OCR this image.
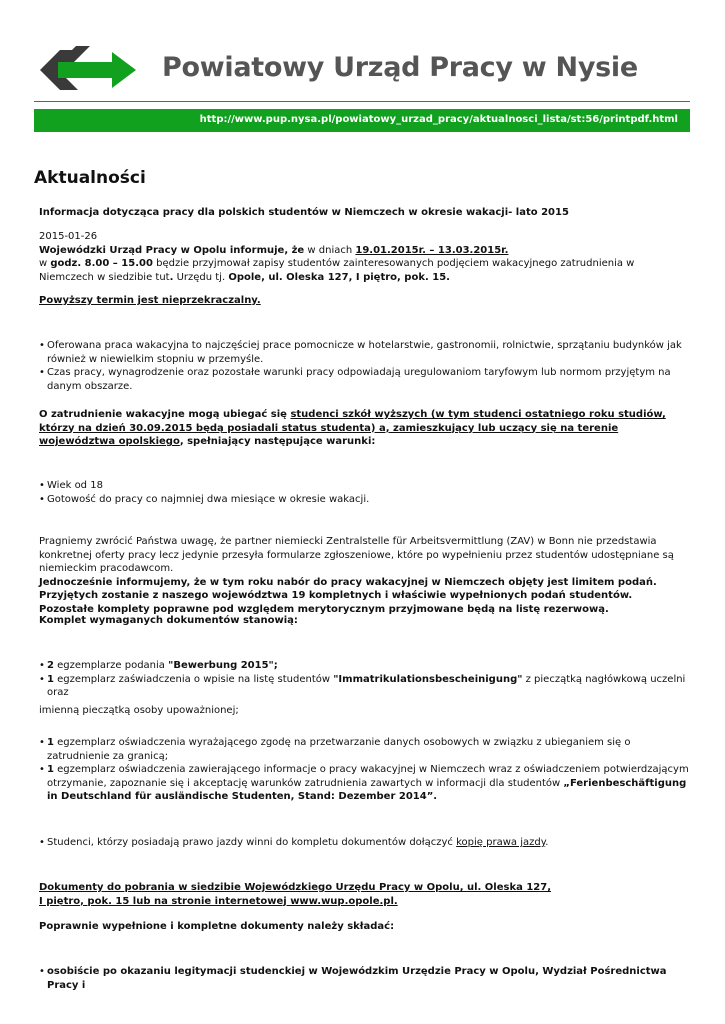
Powiatowy Urząd Pracy w Nysie
http://www.pup.nysa.pl/powiatowy_urzad_pracy/aktualnosci_lista/st:56/printpdf.html
Aktualności

Informacja dotycząca pracy dla polskich studentów w Niemczech w okresie wakacji- lato 2015

2015-01-26
Wojewódzki Urząd Pracy w Opolu informuje, że w dniach 19.01.2015r. – 13.03.2015r.
w godz. 8.00 – 15.00 będzie przyjmował zapisy studentów zainteresowanych podjęciem wakacyjnego zatrudnienia w Niemczech w siedzibie tut. Urzędu tj. Opole, ul. Oleska 127, I piętro, pok. 15.

Powyższy termin jest nieprzekraczalny.

• Oferowana praca wakacyjna to najczęściej prace pomocnicze w hotelarstwie, gastronomii, rolnictwie, sprzątaniu budynków jak również w niewielkim stopniu w przemyśle.
• Czas pracy, wynagrodzenie oraz pozostałe warunki pracy odpowiadają uregulowaniom taryfowym lub normom przyjętym na danym obszarze.

O zatrudnienie wakacyjne mogą ubiegać się studenci szkół wyższych (w tym studenci ostatniego roku studiów, którzy na dzień 30.09.2015 będą posiadali status studenta) a, zamieszkujący lub uczący się na terenie województwa opolskiego, spełniający następujące warunki:

• Wiek od 18
• Gotowość do pracy co najmniej dwa miesiące w okresie wakacji.

Pragniemy zwrócić Państwa uwagę, że partner niemiecki Zentralstelle für Arbeitsvermittlung (ZAV) w Bonn nie przedstawia konkretnej oferty pracy lecz jedynie przesyła formularze zgłoszeniowe, które po wypełnieniu przez studentów udostępniane są niemieckim pracodawcom.
Jednocześnie informujemy, że w tym roku nabór do pracy wakacyjnej w Niemczech objęty jest limitem podań. Przyjętych zostanie z naszego województwa 19 kompletnych i właściwie wypełnionych podań studentów. Pozostałe komplety poprawne pod względem merytorycznym przyjmowane będą na listę rezerwową.

Komplet wymaganych dokumentów stanowią:

• 2 egzemplarze podania "Bewerbung 2015";
• 1 egzemplarz zaświadczenia o wpisie na listę studentów "Immatrikulationsbescheinigung" z pieczątką nagłówkową uczelni oraz

imienną pieczątką osoby upoważnionej;

• 1 egzemplarz oświadczenia wyrażającego zgodę na przetwarzanie danych osobowych w związku z ubieganiem się o zatrudnienie za granicą;
• 1 egzemplarz oświadczenia zawierającego informacje o pracy wakacyjnej w Niemczech wraz z oświadczeniem potwierdzającym otrzymanie, zapoznanie się i akceptację warunków zatrudnienia zawartych w informacji dla studentów „Ferienbeschäftigung in Deutschland für ausländische Studenten, Stand: Dezember 2014”.
• Studenci, którzy posiadają prawo jazdy winni do kompletu dokumentów dołączyć kopię prawa jazdy.

Dokumenty do pobrania w siedzibie Wojewódzkiego Urzędu Pracy w Opolu, ul. Oleska 127,
I piętro, pok. 15 lub na stronie internetowej www.wup.opole.pl.

Poprawnie wypełnione i kompletne dokumenty należy składać:

• osobiście po okazaniu legitymacji studenckiej w Wojewódzkim Urzędzie Pracy w Opolu, Wydział Pośrednictwa Pracy i
